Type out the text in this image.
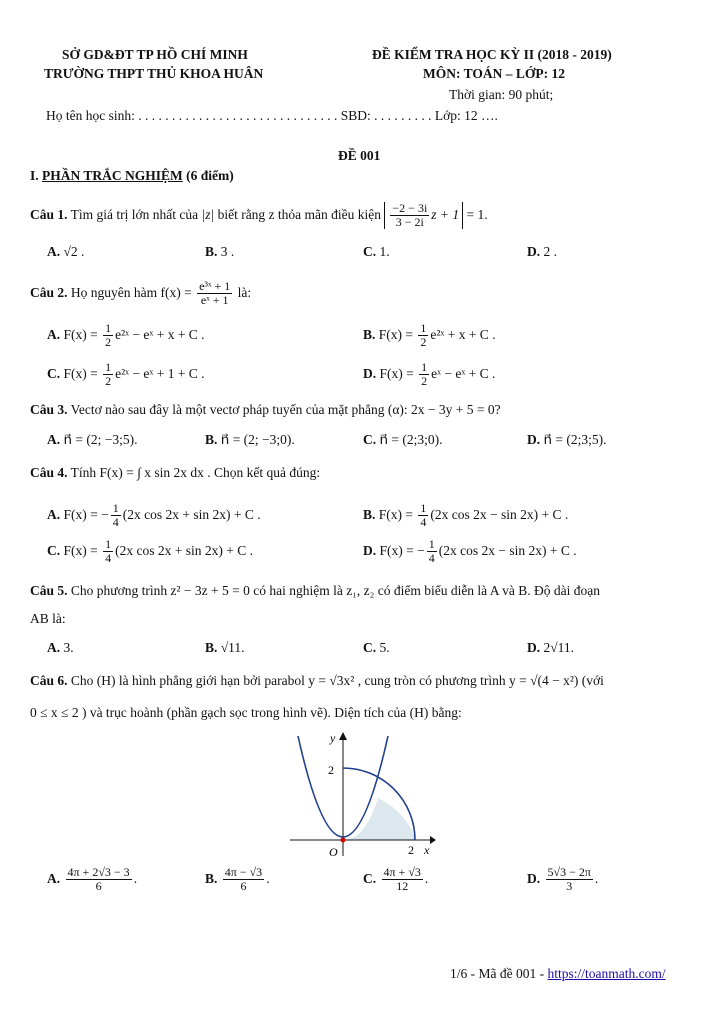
SỞ GD&ĐT TP HỒ CHÍ MINH
TRƯỜNG THPT THỦ KHOA HUÂN
ĐỀ KIỂM TRA HỌC KỲ II (2018 - 2019)
MÔN: TOÁN – LỚP: 12
Thời gian: 90 phút;
Họ tên học sinh: . . . . . . . . . . . . . . . . . . . . . . . . . . . . . . SBD: . . . . . . . . . Lớp: 12 ….
ĐỀ 001
I. PHẦN TRẮC NGHIỆM (6 điểm)
Câu 1. Tìm giá trị lớn nhất của |z| biết rằng z thỏa mãn điều kiện $\frac{-2 - 3i}{3 - 2i}$ z + 1 = 1.
A. √2 .	B. 3 .	C. 1.	D. 2 .
Câu 2. Họ nguyên hàm $f(x) = \frac{\text{e³ˣ + 1}}{\text{eˣ + 1}}$ là:
A. $F(x) = \frac{1}{2}$ e²ˣ − eˣ + x + C .	B. $F(x) = \frac{1}{2}$ e²ˣ + x + C .
C. $F(x) = \frac{1}{2}$ e²ˣ − eˣ + 1 + C .	D. $F(x) = \frac{1}{2}$ eˣ − eˣ + C .
Câu 3. Vectơ nào sau đây là một vectơ pháp tuyến của mặt phẳng (α): 2x − 3y + 5 = 0?
A. n⃗ = (2; −3;5).	B. n⃗ = (2; −3;0).	C. n⃗ = (2;3;0).	D. n⃗ = (2;3;5).
Câu 4. Tính F(x) = ∫ x sin 2x dx . Chọn kết quả đúng:
A. F(x) = − $\frac{1}{4} (2x$ cos 2x + sin 2x) + C .	B. $F(x) = \frac{1}{4} (2x$ cos 2x − sin 2x) + C .
C. $F(x) = \frac{1}{4} (2x$ cos 2x + sin 2x) + C .	D. F(x) = − $\frac{1}{4} (2x$ cos 2x − sin 2x) + C .
Câu 5. Cho phương trình z² − 3z + 5 = 0 có hai nghiệm là z₁, z₂ có điểm biểu diễn là A và B. Độ dài đoạn
AB là:
A. 3.	B. √11.	C. 5.	D. 2√11.
Câu 6. Cho (H) là hình phẳng giới hạn bởi parabol y = √3x² , cung tròn có phương trình y = √(4 − x²) (với
0 ≤ x ≤ 2 ) và trục hoành (phần gạch sọc trong hình vẽ). Diện tích của (H) bằng:
y
x
O
2
2
A. $\frac{4\pi + 2√3 - 3}{6}$ .	B. $\frac{4\pi - √3}{6}$ .	C. $\frac{4\pi + √3}{12}$ .	D. $\frac{5√3 - 2\pi}{3}$ .
1/6 - Mã đề 001 - https://toanmath.com/
